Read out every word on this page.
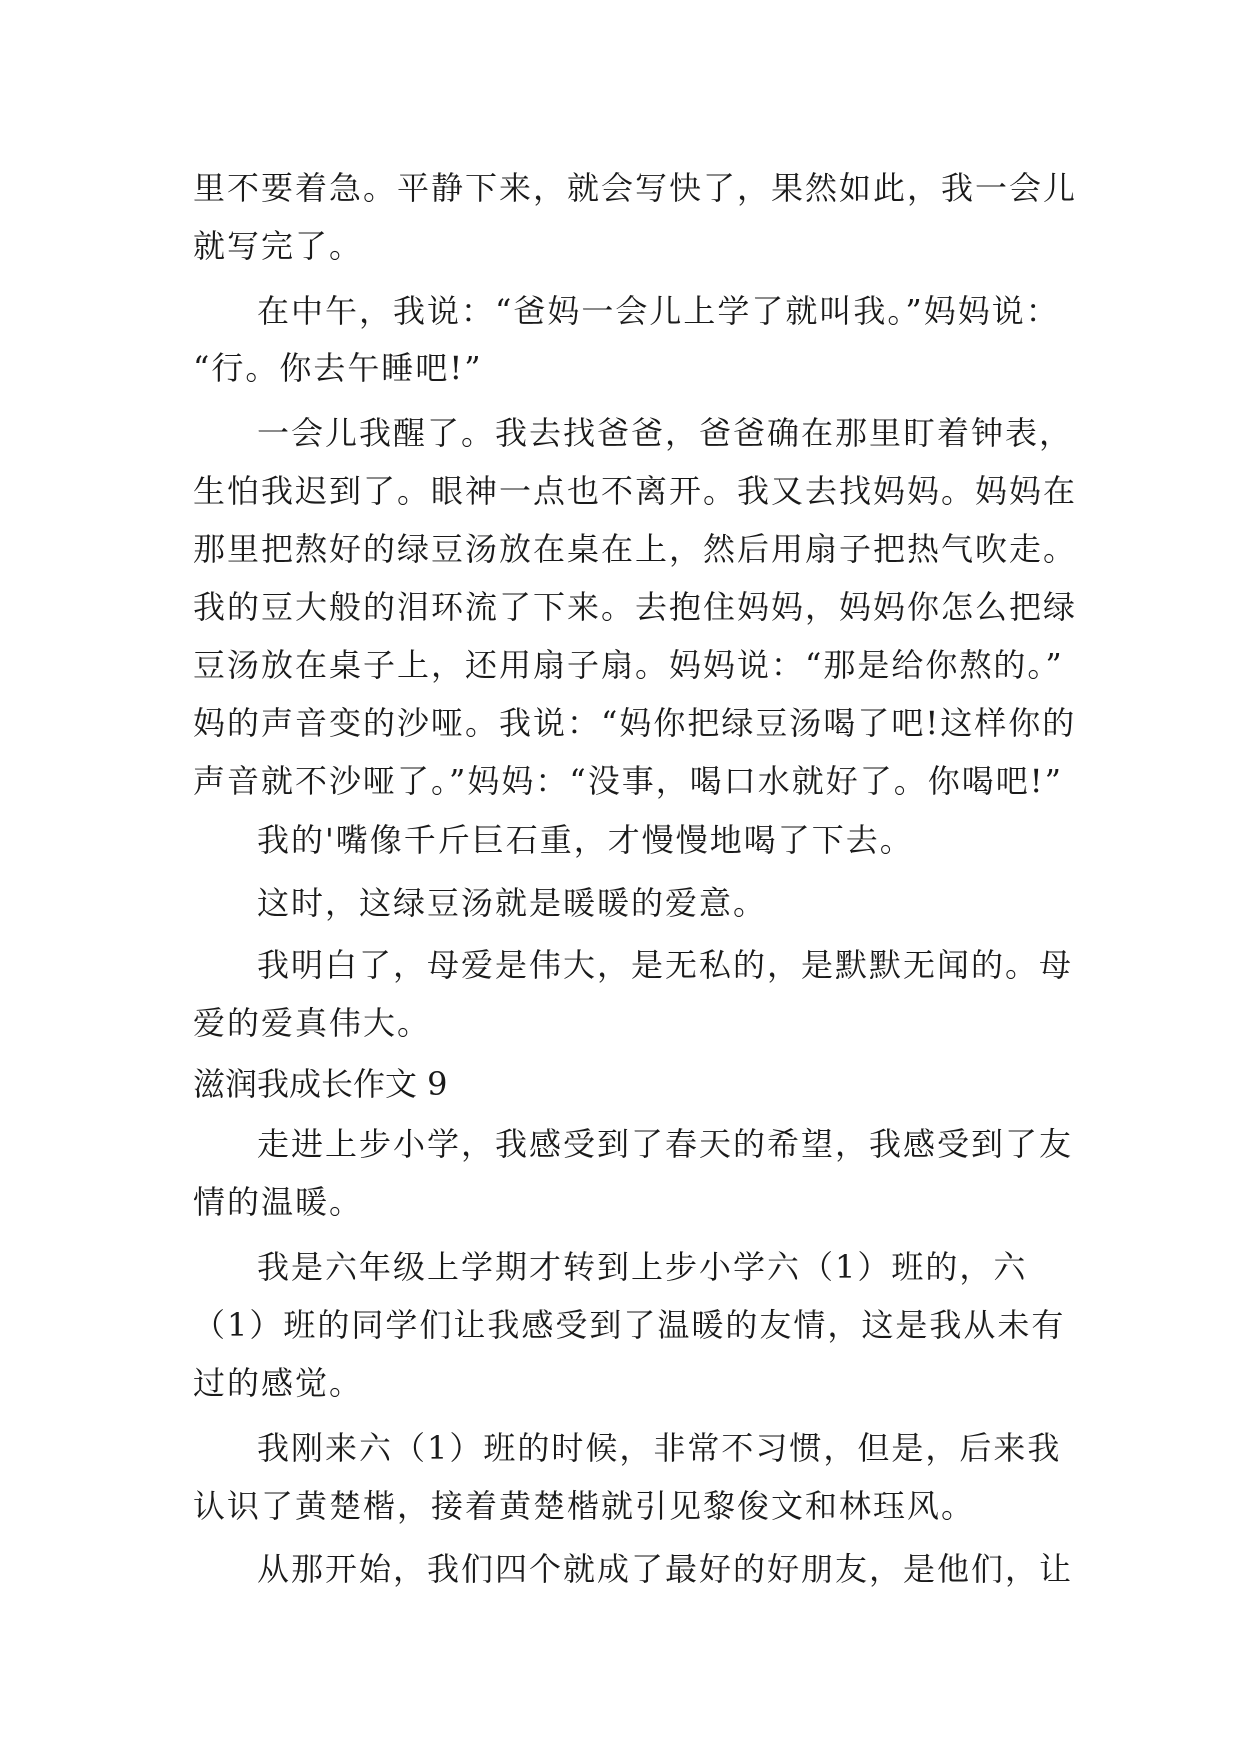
里不要着急。平静下来，就会写快了，果然如此，我一会儿
就写完了。
在中午，我说：“爸妈一会儿上学了就叫我。”妈妈说：
“行。你去午睡吧!”
一会儿我醒了。我去找爸爸，爸爸确在那里盯着钟表，
生怕我迟到了。眼神一点也不离开。我又去找妈妈。妈妈在
那里把熬好的绿豆汤放在桌在上，然后用扇子把热气吹走。
我的豆大般的泪环流了下来。去抱住妈妈，妈妈你怎么把绿
豆汤放在桌子上，还用扇子扇。妈妈说：“那是给你熬的。”
妈的声音变的沙哑。我说：“妈你把绿豆汤喝了吧!这样你的
声音就不沙哑了。”妈妈：“没事，喝口水就好了。你喝吧!”
我的'嘴像千斤巨石重，才慢慢地喝了下去。
这时，这绿豆汤就是暖暖的爱意。
我明白了，母爱是伟大，是无私的，是默默无闻的。母
爱的爱真伟大。
滋润我成长作文 9
走进上步小学，我感受到了春天的希望，我感受到了友
情的温暖。
我是六年级上学期才转到上步小学六（1）班的，六
（1）班的同学们让我感受到了温暖的友情，这是我从未有
过的感觉。
我刚来六（1）班的时候，非常不习惯，但是，后来我
认识了黄楚楷，接着黄楚楷就引见黎俊文和林珏风。
从那开始，我们四个就成了最好的好朋友，是他们，让
